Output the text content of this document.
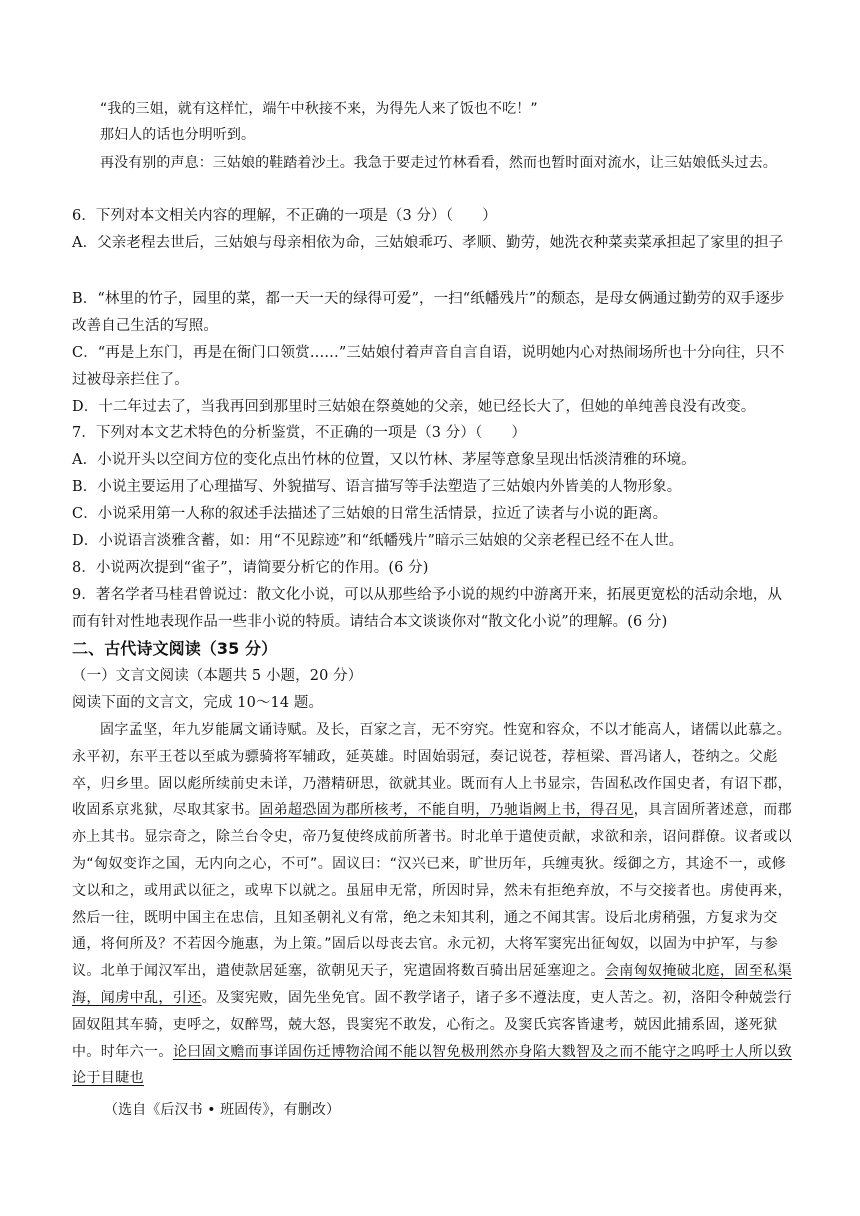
“我的三姐，就有这样忙，端午中秋接不来，为得先人来了饭也不吃！”

那妇人的话也分明听到。

再没有别的声息：三姑娘的鞋踏着沙土。我急于要走过竹林看看，然而也暂时面对流水，让三姑娘低头过去。

6．下列对本文相关内容的理解，不正确的一项是（3 分）（　　）

A．父亲老程去世后，三姑娘与母亲相依为命，三姑娘乖巧、孝顺、勤劳，她洗衣种菜卖菜承担起了家里的担子

B．“林里的竹子，园里的菜，都一天一天的绿得可爱”，一扫“纸幡残片”的颓态，是母女俩通过勤劳的双手逐步改善自己生活的写照。

C．“再是上东门，再是在衙门口领赏……”三姑娘付着声音自言自语，说明她内心对热闹场所也十分向往，只不过被母亲拦住了。

D．十二年过去了，当我再回到那里时三姑娘在祭奠她的父亲，她已经长大了，但她的单纯善良没有改变。

7．下列对本文艺术特色的分析鉴赏，不正确的一项是（3 分）（　　）

A．小说开头以空间方位的变化点出竹林的位置，又以竹林、茅屋等意象呈现出恬淡清雅的环境。

B．小说主要运用了心理描写、外貌描写、语言描写等手法塑造了三姑娘内外皆美的人物形象。

C．小说采用第一人称的叙述手法描述了三姑娘的日常生活情景，拉近了读者与小说的距离。

D．小说语言淡雅含蓄，如：用“不见踪迹”和“纸幡残片”暗示三姑娘的父亲老程已经不在人世。

8．小说两次提到“雀子”，请简要分析它的作用。(6 分)

9．著名学者马桂君曾说过：散文化小说，可以从那些给予小说的规约中游离开来，拓展更宽松的活动余地，从而有针对性地表现作品一些非小说的特质。请结合本文谈谈你对“散文化小说”的理解。(6 分)

二、古代诗文阅读（35 分）

（一）文言文阅读（本题共 5 小题，20 分）

阅读下面的文言文，完成 10～14 题。

固字孟坚，年九岁能属文诵诗赋。及长，百家之言，无不穷究。性宽和容众，不以才能高人，诸儒以此慕之。永平初，东平王苍以至戚为骠骑将军辅政，延英雄。时固始弱冠，奏记说苍，荐桓梁、晋冯诸人，苍纳之。父彪卒，归乡里。固以彪所续前史未详，乃潜精研思，欲就其业。既而有人上书显宗，告固私改作国史者，有诏下郡，收固系京兆狱，尽取其家书。固弟超恐固为郡所核考，不能自明，乃驰诣阙上书，得召见，具言固所著述意，而郡亦上其书。显宗奇之，除兰台令史，帝乃复使终成前所著书。时北单于遣使贡献，求欲和亲，诏问群僚。议者或以为“匈奴变诈之国，无内向之心，不可”。固议曰：“汉兴已来，旷世历年，兵缠夷狄。绥御之方，其途不一，或修文以和之，或用武以征之，或卑下以就之。虽屈申无常，所因时异，然未有拒绝弃放，不与交接者也。虏使再来，然后一往，既明中国主在忠信，且知圣朝礼义有常，绝之未知其利，通之不闻其害。设后北虏稍强，方复求为交通，将何所及？不若因今施惠，为上策。”固后以母丧去官。永元初，大将军窦宪出征匈奴，以固为中护军，与参议。北单于闻汉军出，遣使款居延塞，欲朝见天子，宪遣固将数百骑出居延塞迎之。会南匈奴掩破北庭，固至私渠海，闻虏中乱，引还。及窦宪败，固先坐免官。固不教学诸子，诸子多不遵法度，吏人苦之。初，洛阳令种兢尝行固奴阻其车骑，吏呼之，奴醉骂，兢大怒，畏窦宪不敢发，心衔之。及窦氏宾客皆逮考，兢因此捕系固，遂死狱中。时年六一。论曰固文赡而事详固伤迁博物洽闻不能以智免极刑然亦身陷大戮智及之而不能守之呜呼士人所以致论于目睫也

（选自《后汉书 • 班固传》，有删改）
